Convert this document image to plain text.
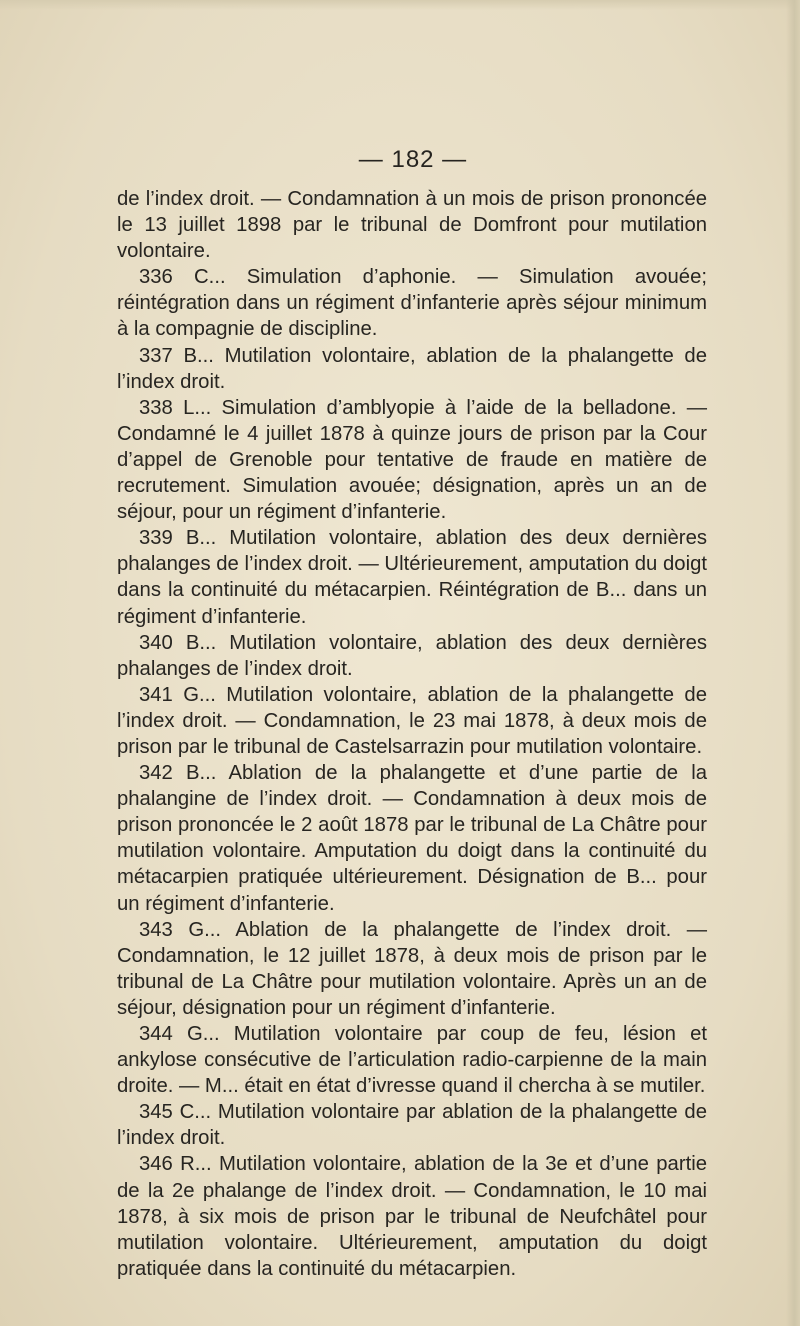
— 182 —

de l’index droit. — Condamnation à un mois de prison prononcée le 13 juillet 1898 par le tribunal de Domfront pour mutilation volontaire.

336 C... Simulation d’aphonie. — Simulation avouée; réintégration dans un régiment d’infanterie après séjour minimum à la compagnie de discipline.

337 B... Mutilation volontaire, ablation de la phalangette de l’index droit.

338 L... Simulation d’amblyopie à l’aide de la belladone. — Condamné le 4 juillet 1878 à quinze jours de prison par la Cour d’appel de Grenoble pour tentative de fraude en matière de recrutement. Simulation avouée; désignation, après un an de séjour, pour un régiment d’infanterie.

339 B... Mutilation volontaire, ablation des deux dernières phalanges de l’index droit. — Ultérieurement, amputation du doigt dans la continuité du métacarpien. Réintégration de B... dans un régiment d’infanterie.

340 B... Mutilation volontaire, ablation des deux dernières phalanges de l’index droit.

341 G... Mutilation volontaire, ablation de la phalangette de l’index droit. — Condamnation, le 23 mai 1878, à deux mois de prison par le tribunal de Castelsarrazin pour mutilation volontaire.

342 B... Ablation de la phalangette et d’une partie de la phalangine de l’index droit. — Condamnation à deux mois de prison prononcée le 2 août 1878 par le tribunal de La Châtre pour mutilation volontaire. Amputation du doigt dans la continuité du métacarpien pratiquée ultérieurement. Désignation de B... pour un régiment d’infanterie.

343 G... Ablation de la phalangette de l’index droit. — Condamnation, le 12 juillet 1878, à deux mois de prison par le tribunal de La Châtre pour mutilation volontaire. Après un an de séjour, désignation pour un régiment d’infanterie.

344 G... Mutilation volontaire par coup de feu, lésion et ankylose consécutive de l’articulation radio-carpienne de la main droite. — M... était en état d’ivresse quand il chercha à se mutiler.

345 C... Mutilation volontaire par ablation de la phalangette de l’index droit.

346 R... Mutilation volontaire, ablation de la 3e et d’une partie de la 2e phalange de l’index droit. — Condamnation, le 10 mai 1878, à six mois de prison par le tribunal de Neufchâtel pour mutilation volontaire. Ultérieurement, amputation du doigt pratiquée dans la continuité du métacarpien.
